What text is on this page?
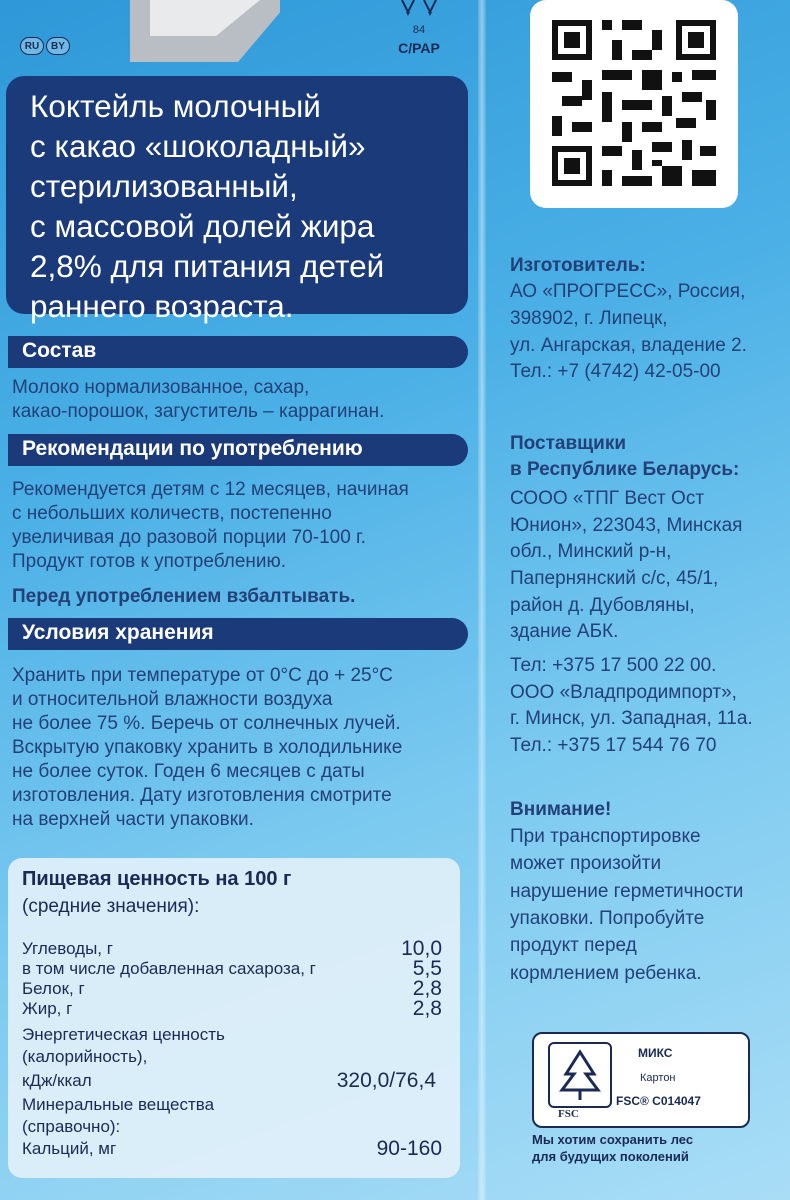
RU	BY
84
C/PAP
Коктейль молочный
с какао «шоколадный»
стерилизованный,
с массовой долей жира
2,8% для питания детей
раннего возраста.
Состав
Молоко нормализованное, сахар,
какао-порошок, загуститель – каррагинан.
Рекомендации по употреблению
Рекомендуется детям с 12 месяцев, начиная
с небольших количеств, постепенно
увеличивая до разовой порции 70-100 г.
Продукт готов к употреблению.
Перед употреблением взбалтывать.
Условия хранения
Хранить при температуре от 0°С до + 25°С
и относительной влажности воздуха
не более 75 %. Беречь от солнечных лучей.
Вскрытую упаковку хранить в холодильнике
не более суток. Годен 6 месяцев с даты
изготовления. Дату изготовления смотрите
на верхней части упаковки.
Пищевая ценность на 100 г
(средние значения):
Углеводы, г	10,0
в том числе добавленная сахароза, г	5,5
Белок, г	2,8
Жир, г	2,8
Энергетическая ценность
(калорийность),
кДж/ккал	320,0/76,4
Минеральные вещества
(справочно):
Кальций, мг	90-160
Изготовитель:
АО «ПРОГРЕСС», Россия,
398902, г. Липецк,
ул. Ангарская, владение 2.
Тел.: +7 (4742) 42-05-00
Поставщики
в Республике Беларусь:
СООО «ТПГ Вест Ост
Юнион», 223043, Минская
обл., Минский р-н,
Папернянский с/с, 45/1,
район д. Дубовляны,
здание АБК.
Тел: +375 17 500 22 00.
ООО «Владпродимпорт»,
г. Минск, ул. Западная, 11а.
Тел.: +375 17 544 76 70
Внимание!
При транспортировке
может произойти
нарушение герметичности
упаковки. Попробуйте
продукт перед
кормлением ребенка.
FSC
МИКС
Картон
FSC® C014047
Мы хотим сохранить лес
для будущих поколений
